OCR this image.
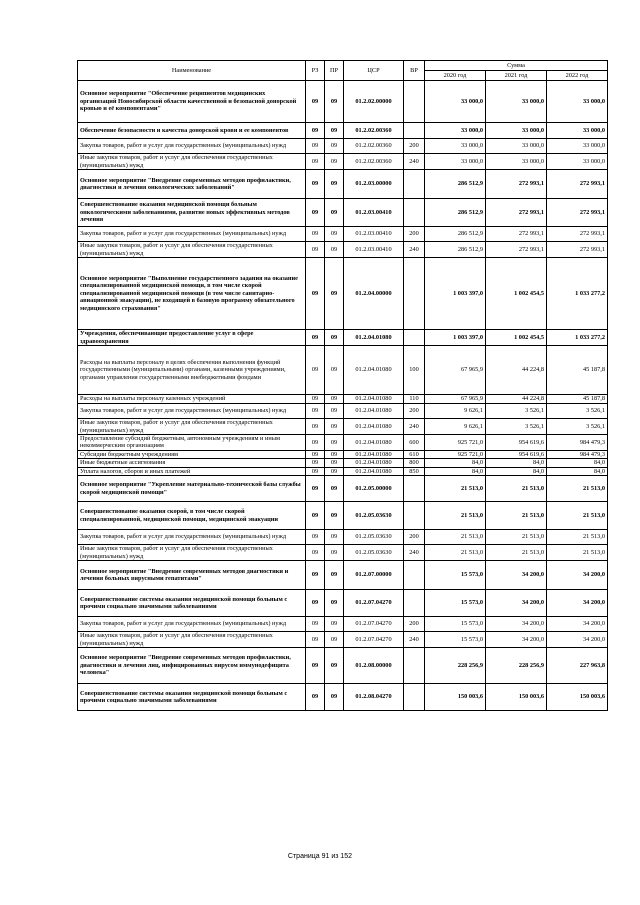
Наименование	РЗ	ПР	ЦСР	ВР	Сумма		
					2020 год	2021 год	2022 год
Основное мероприятие "Обеспечение реципиентов медицинских организаций Новосибирской области качественной и безопасной донорской кровью и её компонентами"	09	09	01.2.02.00000		33 000,0	33 000,0	33 000,0
Обеспечение безопасности и качества донорской крови и ее компонентов	09	09	01.2.02.00360		33 000,0	33 000,0	33 000,0
Закупка товаров, работ и услуг для государственных (муниципальных) нужд	09	09	01.2.02.00360	200	33 000,0	33 000,0	33 000,0
Иные закупки товаров, работ и услуг для обеспечения государственных (муниципальных) нужд	09	09	01.2.02.00360	240	33 000,0	33 000,0	33 000,0
Основное мероприятие "Внедрение современных методов профилактики, диагностики и лечения онкологических заболеваний"	09	09	01.2.03.00000		286 512,9	272 993,1	272 993,1
Совершенствование оказания медицинской помощи больным онкологическими заболеваниями, развитие новых эффективных методов лечения	09	09	01.2.03.00410		286 512,9	272 993,1	272 993,1
Закупка товаров, работ и услуг для государственных (муниципальных) нужд	09	09	01.2.03.00410	200	286 512,9	272 993,1	272 993,1
Иные закупки товаров, работ и услуг для обеспечения государственных (муниципальных) нужд	09	09	01.2.03.00410	240	286 512,9	272 993,1	272 993,1
Основное мероприятие "Выполнение государственного задания на оказание специализированной медицинской помощи, в том числе скорой специализированной медицинской помощи (в том числе санитарно-авиационной эвакуации), не входящей в базовую программу обязательного медицинского страхования"	09	09	01.2.04.00000		1 003 397,0	1 002 454,5	1 033 277,2
Учреждения, обеспечивающие предоставление услуг в сфере здравоохранения	09	09	01.2.04.01080		1 003 397,0	1 002 454,5	1 033 277,2
Расходы на выплаты персоналу в целях обеспечения выполнения функций государственными (муниципальными) органами, казенными учреждениями, органами управления государственными внебюджетными фондами	09	09	01.2.04.01080	100	67 965,9	44 224,8	45 187,8
Расходы на выплаты персоналу казенных учреждений	09	09	01.2.04.01080	110	67 965,9	44 224,8	45 187,8
Закупка товаров, работ и услуг для государственных (муниципальных) нужд	09	09	01.2.04.01080	200	9 626,1	3 526,1	3 526,1
Иные закупки товаров, работ и услуг для обеспечения государственных (муниципальных) нужд	09	09	01.2.04.01080	240	9 626,1	3 526,1	3 526,1
Предоставление субсидий бюджетным, автономным учреждениям и иным некоммерческим организациям	09	09	01.2.04.01080	600	925 721,0	954 619,6	984 479,3
Субсидии бюджетным учреждениям	09	09	01.2.04.01080	610	925 721,0	954 619,6	984 479,3
Иные бюджетные ассигнования	09	09	01.2.04.01080	800	84,0	84,0	84,0
Уплата налогов, сборов и иных платежей	09	09	01.2.04.01080	850	84,0	84,0	84,0
Основное мероприятие "Укрепление материально-технической базы службы скорой медицинской помощи"	09	09	01.2.05.00000		21 513,0	21 513,0	21 513,0
Совершенствование оказания скорой, в том числе скорой специализированной, медицинской помощи, медицинской эвакуации	09	09	01.2.05.03630		21 513,0	21 513,0	21 513,0
Закупка товаров, работ и услуг для государственных (муниципальных) нужд	09	09	01.2.05.03630	200	21 513,0	21 513,0	21 513,0
Иные закупки товаров, работ и услуг для обеспечения государственных (муниципальных) нужд	09	09	01.2.05.03630	240	21 513,0	21 513,0	21 513,0
Основное мероприятие "Внедрение современных методов диагностики и лечения больных вирусными гепатитами"	09	09	01.2.07.00000		15 573,0	34 200,0	34 200,0
Совершенствование системы оказания медицинской помощи больным с прочими социально значимыми заболеваниями	09	09	01.2.07.04270		15 573,0	34 200,0	34 200,0
Закупка товаров, работ и услуг для государственных (муниципальных) нужд	09	09	01.2.07.04270	200	15 573,0	34 200,0	34 200,0
Иные закупки товаров, работ и услуг для обеспечения государственных (муниципальных) нужд	09	09	01.2.07.04270	240	15 573,0	34 200,0	34 200,0
Основное мероприятие "Внедрение современных методов профилактики, диагностики и лечения лиц, инфицированных вирусом иммунодефицита человека"	09	09	01.2.08.00000		228 256,9	228 256,9	227 963,8
Совершенствование системы оказания медицинской помощи больным с прочими социально значимыми заболеваниями	09	09	01.2.08.04270		150 003,6	150 003,6	150 003,6
Страница 91 из 152
